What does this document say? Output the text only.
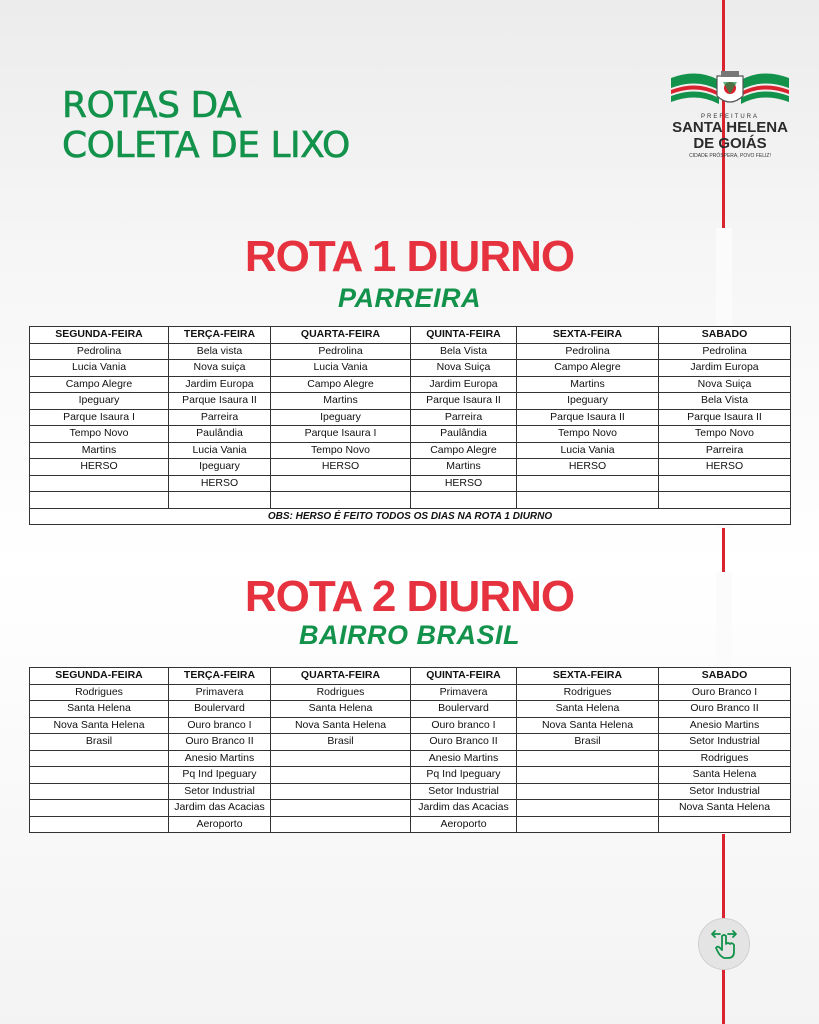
ROTAS DA
COLETA DE LIXO
PREFEITURA
SANTA HELENA
DE GOIÁS
CIDADE PRÓSPERA, POVO FELIZ!
ROTA 1 DIURNO
PARREIRA
SEGUNDA-FEIRA	TERÇA-FEIRA	QUARTA-FEIRA	QUINTA-FEIRA	SEXTA-FEIRA	SABADO
Pedrolina	Bela vista	Pedrolina	Bela Vista	Pedrolina	Pedrolina
Lucia Vania	Nova suiça	Lucia Vania	Nova Suiça	Campo Alegre	Jardim Europa
Campo Alegre	Jardim Europa	Campo Alegre	Jardim Europa	Martins	Nova Suiça
Ipeguary	Parque Isaura II	Martins	Parque Isaura II	Ipeguary	Bela Vista
Parque Isaura I	Parreira	Ipeguary	Parreira	Parque Isaura II	Parque Isaura II
Tempo Novo	Paulândia	Parque Isaura I	Paulândia	Tempo Novo	Tempo Novo
Martins	Lucia Vania	Tempo Novo	Campo Alegre	Lucia Vania	Parreira
HERSO	Ipeguary	HERSO	Martins	HERSO	HERSO
	HERSO		HERSO		

OBS: HERSO É FEITO TODOS OS DIAS NA ROTA 1 DIURNO					
ROTA 2 DIURNO
BAIRRO BRASIL
SEGUNDA-FEIRA	TERÇA-FEIRA	QUARTA-FEIRA	QUINTA-FEIRA	SEXTA-FEIRA	SABADO
Rodrigues	Primavera	Rodrigues	Primavera	Rodrigues	Ouro Branco I
Santa Helena	Boulervard	Santa Helena	Boulervard	Santa Helena	Ouro Branco II
Nova Santa Helena	Ouro branco I	Nova Santa Helena	Ouro branco I	Nova Santa Helena	Anesio Martins
Brasil	Ouro Branco II	Brasil	Ouro Branco II	Brasil	Setor Industrial
	Anesio Martins		Anesio Martins		Rodrigues
	Pq Ind Ipeguary		Pq Ind Ipeguary		Santa Helena
	Setor Industrial		Setor Industrial		Setor Industrial
	Jardim das Acacias		Jardim das Acacias		Nova Santa Helena
	Aeroporto		Aeroporto		
